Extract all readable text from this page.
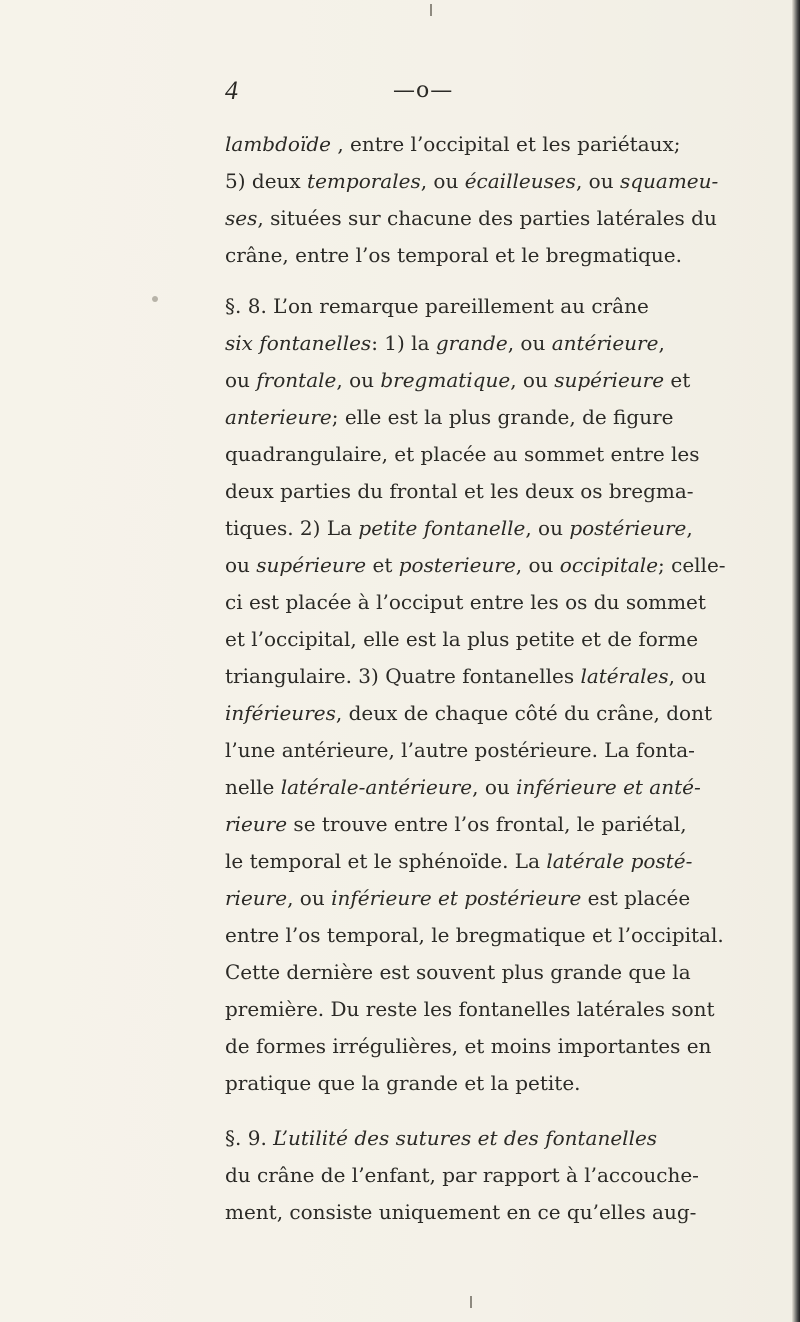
4	—o—
lambdoïde , entre l’occipital et les pariétaux;
5) deux temporales, ou écailleuses, ou squameu-
ses, situées sur chacune des parties latérales du
crâne, entre l’os temporal et le bregmatique.
§. 8. L’on remarque pareillement au crâne
six fontanelles: 1) la grande, ou antérieure,
ou frontale, ou bregmatique, ou supérieure et
anterieure; elle est la plus grande, de figure
quadrangulaire, et placée au sommet entre les
deux parties du frontal et les deux os bregma-
tiques. 2) La petite fontanelle, ou postérieure,
ou supérieure et posterieure, ou occipitale; celle-
ci est placée à l’occiput entre les os du sommet
et l’occipital, elle est la plus petite et de forme
triangulaire. 3) Quatre fontanelles latérales, ou
inférieures, deux de chaque côté du crâne, dont
l’une antérieure, l’autre postérieure. La fonta-
nelle latérale-antérieure, ou inférieure et anté-
rieure se trouve entre l’os frontal, le pariétal,
le temporal et le sphénoïde. La latérale posté-
rieure, ou inférieure et postérieure est placée
entre l’os temporal, le bregmatique et l’occipital.
Cette dernière est souvent plus grande que la
première. Du reste les fontanelles latérales sont
de formes irrégulières, et moins importantes en
pratique que la grande et la petite.
§. 9. L’utilité des sutures et des fontanelles
du crâne de l’enfant, par rapport à l’accouche-
ment, consiste uniquement en ce qu’elles aug-
